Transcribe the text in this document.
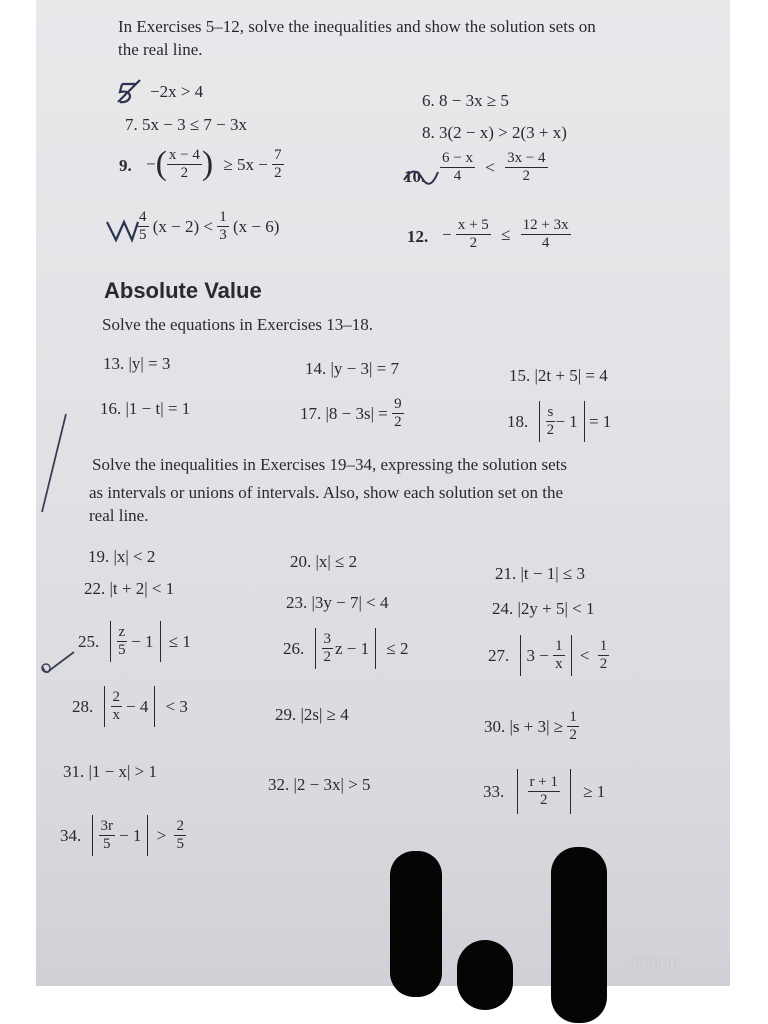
▯▯▯▯▯
In Exercises 5–12, solve the inequalities and show the solution sets on
the real line.
−2x > 4	6. 8 − 3x ≥ 5
7. 5x − 3 ≤ 7 − 3x	8. 3(2 − x) > 2(3 + x)
9. −( $\frac{x - 4}{2}$ ) ≥ $5x - \frac{7}{2}$	10. $\frac{6 - x}{4} < \frac{3x - 4}{2}$
$\frac{4}{5} (x - 2) < \frac{1}{3} (x - 6)$
12. − $\frac{x + 5}{2} \le \frac{12 + 3x}{4}$
Absolute Value
Solve the equations in Exercises 13–18.
13. |y| = 3	14. |y − 3| = 7	15. |2t + 5| = 4
16. |1 − t| = 1	17. $|8 - 3s| = \frac{9}{2}$	18. $\frac{s}{2} - 1 = 1$
Solve the inequalities in Exercises 19–34, expressing the solution sets
as intervals or unions of intervals. Also, show each solution set on the
real line.
19. |x| < 2	20. |x| ≤ 2
21. |t − 1| ≤ 3
22. |t + 2| < 1
23. |3y − 7| < 4	24. |2y + 5| < 1
25. $\frac{z}{5} - 1 \le 1$	26. $\frac{3}{2}$ z − 1 ≤ 2	27. $3 - \frac{1}{x} < \frac{1}{2}$
28. $\frac{2}{x} - 4 < 3$	29. |2s| ≥ 4
30. $|s + 3| \ge \frac{1}{2}$
31. |1 − x| > 1
32. |2 − 3x| > 5	33. $\frac{r + 1}{2} \ge 1$
34. $\frac{3r}{5} - 1 > \frac{2}{5}$
